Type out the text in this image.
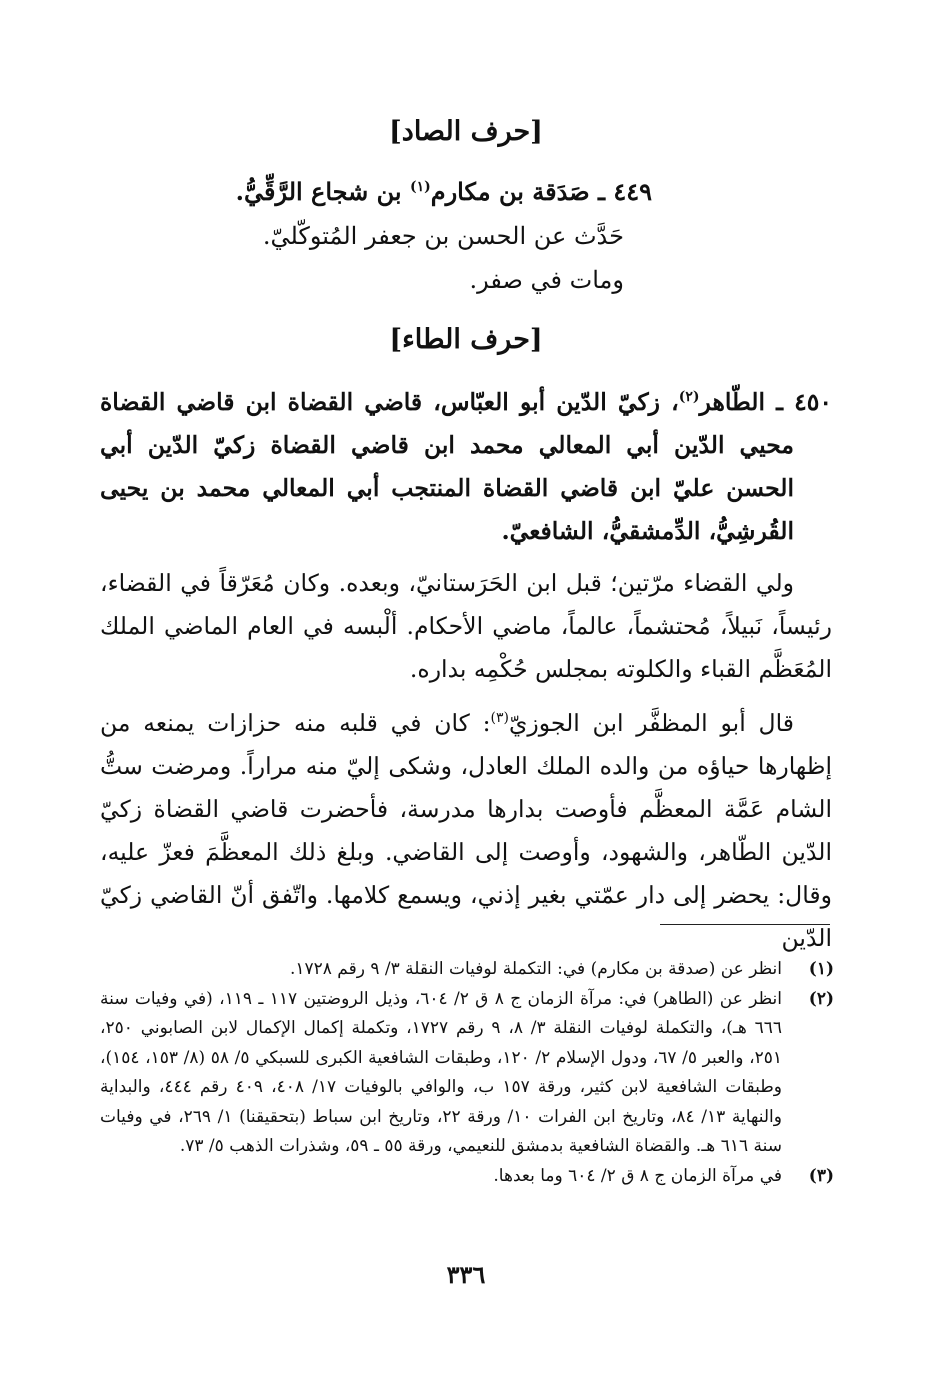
[حرف الصاد]
٤٤٩ ـ صَدَقة بن مكارم$^{(١)}$ بن شجاع الرَّقِّيُّ.
حَدَّث عن الحسن بن جعفر المُتوكّليّ.
ومات في صفر.
[حرف الطاء]
٤٥٠ ـ الطّاهر$^{(٢)}$، زكيّ الدّين أبو العبّاس، قاضي القضاة ابن قاضي القضاة محيي الدّين أبي المعالي محمد ابن قاضي القضاة زكيّ الدّين أبي الحسن عليّ ابن قاضي القضاة المنتجب أبي المعالي محمد بن يحيى القُرشِيُّ، الدِّمشقيُّ، الشافعيّ.
ولي القضاء مرّتين؛ قبل ابن الحَرَستانيّ، وبعده. وكان مُعَرّقاً في القضاء، رئيساً، نَبيلاً، مُحتشماً، عالماً، ماضي الأحكام. ألْبسه في العام الماضي الملك المُعَظَّم القباء والكلوته بمجلس حُكْمِه بداره.
قال أبو المظفَّر ابن الجوزيّ$^{(٣)}$: كان في قلبه منه حزازات يمنعه من إظهارها حياؤه من والده الملك العادل، وشكى إليّ منه مراراً. ومرضت ستُّ الشام عَمَّة المعظَّم فأوصت بدارها مدرسة، فأحضرت قاضي القضاة زكيّ الدّين الطّاهر، والشهود، وأوصت إلى القاضي. وبلغ ذلك المعظَّمَ فعزّ عليه، وقال: يحضر إلى دار عمّتي بغير إذني، ويسمع كلامها. واتّفق أنّ القاضي زكيّ الدّين
(١)
انظر عن (صدقة بن مكارم) في: التكملة لوفيات النقلة ٣/ ٩ رقم ١٧٢٨.
(٢)
انظر عن (الطاهر) في: مرآة الزمان ج ٨ ق ٢/ ٦٠٤، وذيل الروضتين ١١٧ ـ ١١٩، (في وفيات سنة ٦٦٦ هـ)، والتكملة لوفيات النقلة ٣/ ٨، ٩ رقم ١٧٢٧، وتكملة إكمال الإكمال لابن الصابوني ٢٥٠، ٢٥١، والعبر ٥/ ٦٧، ودول الإسلام ٢/ ١٢٠، وطبقات الشافعية الكبرى للسبكي ٥/ ٥٨ (٨/ ١٥٣، ١٥٤)، وطبقات الشافعية لابن كثير، ورقة ١٥٧ ب، والوافي بالوفيات ١٧/ ٤٠٨، ٤٠٩ رقم ٤٤٤، والبداية والنهاية ١٣/ ٨٤، وتاريخ ابن الفرات ١٠/ ورقة ٢٢، وتاريخ ابن سباط (بتحقيقنا) ١/ ٢٦٩، في وفيات سنة ٦١٦ هـ. والقضاة الشافعية بدمشق للنعيمي، ورقة ٥٥ ـ ٥٩، وشذرات الذهب ٥/ ٧٣.
(٣)
في مرآة الزمان ج ٨ ق ٢/ ٦٠٤ وما بعدها.
٣٣٦
